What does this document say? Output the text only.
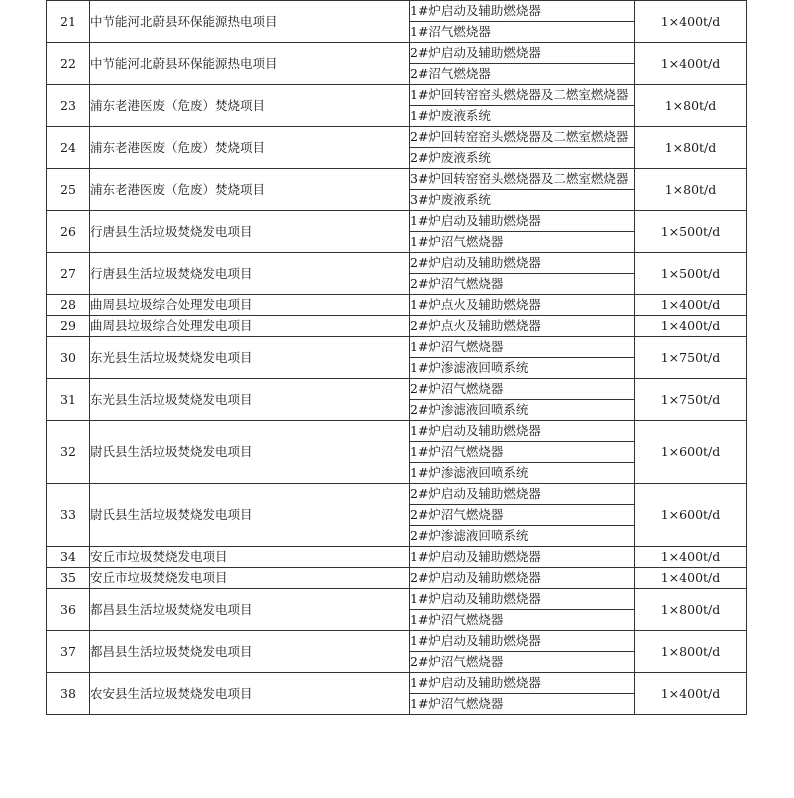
21	中节能河北蔚县环保能源热电项目	1#炉启动及辅助燃烧器	1×400t/d
		1#沼气燃烧器	
22	中节能河北蔚县环保能源热电项目	2#炉启动及辅助燃烧器	1×400t/d
		2#沼气燃烧器	
23	浦东老港医废（危废）焚烧项目	1#炉回转窑窑头燃烧器及二燃室燃烧器	1×80t/d
		1#炉废液系统	
24	浦东老港医废（危废）焚烧项目	2#炉回转窑窑头燃烧器及二燃室燃烧器	1×80t/d
		2#炉废液系统	
25	浦东老港医废（危废）焚烧项目	3#炉回转窑窑头燃烧器及二燃室燃烧器	1×80t/d
		3#炉废液系统	
26	行唐县生活垃圾焚烧发电项目	1#炉启动及辅助燃烧器	1×500t/d
		1#炉沼气燃烧器	
27	行唐县生活垃圾焚烧发电项目	2#炉启动及辅助燃烧器	1×500t/d
		2#炉沼气燃烧器	
28	曲周县垃圾综合处理发电项目	1#炉点火及辅助燃烧器	1×400t/d
29	曲周县垃圾综合处理发电项目	2#炉点火及辅助燃烧器	1×400t/d
30	东光县生活垃圾焚烧发电项目	1#炉沼气燃烧器	1×750t/d
		1#炉渗滤液回喷系统	
31	东光县生活垃圾焚烧发电项目	2#炉沼气燃烧器	1×750t/d
		2#炉渗滤液回喷系统	
32	尉氏县生活垃圾焚烧发电项目	1#炉启动及辅助燃烧器	1×600t/d
		1#炉沼气燃烧器	
		1#炉渗滤液回喷系统	
33	尉氏县生活垃圾焚烧发电项目	2#炉启动及辅助燃烧器	1×600t/d
		2#炉沼气燃烧器	
		2#炉渗滤液回喷系统	
34	安丘市垃圾焚烧发电项目	1#炉启动及辅助燃烧器	1×400t/d
35	安丘市垃圾焚烧发电项目	2#炉启动及辅助燃烧器	1×400t/d
36	都昌县生活垃圾焚烧发电项目	1#炉启动及辅助燃烧器	1×800t/d
		1#炉沼气燃烧器	
37	都昌县生活垃圾焚烧发电项目	1#炉启动及辅助燃烧器	1×800t/d
		2#炉沼气燃烧器	
38	农安县生活垃圾焚烧发电项目	1#炉启动及辅助燃烧器	1×400t/d
		1#炉沼气燃烧器	
